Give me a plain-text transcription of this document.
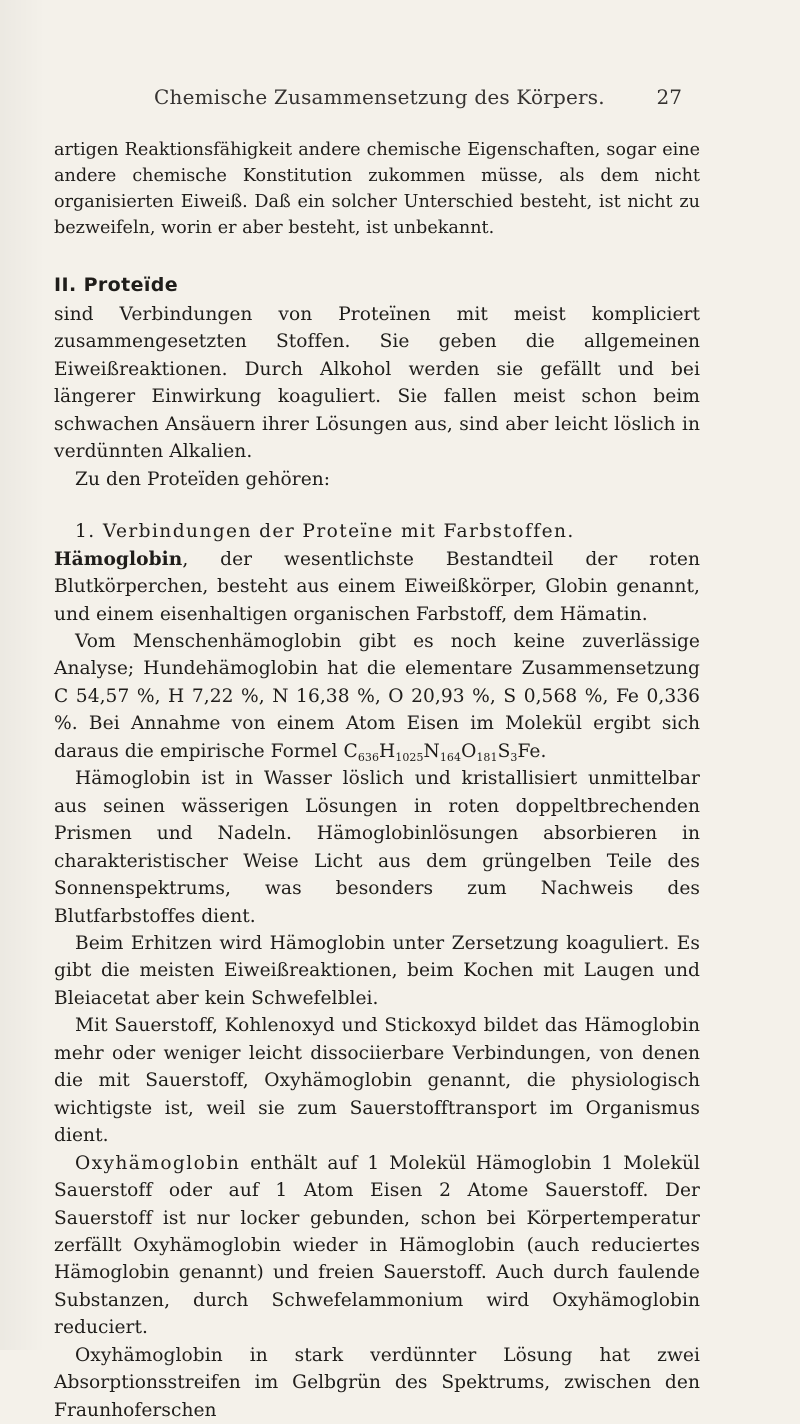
Chemische Zusammensetzung des Körpers.	27

artigen Reaktionsfähigkeit andere chemische Eigenschaften, sogar eine andere chemische Konstitution zukommen müsse, als dem nicht organisierten Eiweiß. Daß ein solcher Unterschied besteht, ist nicht zu bezweifeln, worin er aber besteht, ist unbekannt.

II. Proteïde

sind Verbindungen von Proteïnen mit meist kompliciert zusammengesetzten Stoffen. Sie geben die allgemeinen Eiweißreaktionen. Durch Alkohol werden sie gefällt und bei längerer Einwirkung koaguliert. Sie fallen meist schon beim schwachen Ansäuern ihrer Lösungen aus, sind aber leicht löslich in verdünnten Alkalien.

Zu den Proteïden gehören:

1. Verbindungen der Proteïne mit Farbstoffen.

Hämoglobin, der wesentlichste Bestandteil der roten Blutkörperchen, besteht aus einem Eiweißkörper, Globin genannt, und einem eisenhaltigen organischen Farbstoff, dem Hämatin.

Vom Menschenhämoglobin gibt es noch keine zuverlässige Analyse; Hundehämoglobin hat die elementare Zusammensetzung C 54,57 %, H 7,22 %, N 16,38 %, O 20,93 %, S 0,568 %, Fe 0,336 %. Bei Annahme von einem Atom Eisen im Molekül ergibt sich daraus die empirische Formel $C_{636}H_{1025}N_{164}O_{181}S_3Fe$.

Hämoglobin ist in Wasser löslich und kristallisiert unmittelbar aus seinen wässerigen Lösungen in roten doppeltbrechenden Prismen und Nadeln. Hämoglobinlösungen absorbieren in charakteristischer Weise Licht aus dem grüngelben Teile des Sonnenspektrums, was besonders zum Nachweis des Blutfarbstoffes dient.

Beim Erhitzen wird Hämoglobin unter Zersetzung koaguliert. Es gibt die meisten Eiweißreaktionen, beim Kochen mit Laugen und Bleiacetat aber kein Schwefelblei.

Mit Sauerstoff, Kohlenoxyd und Stickoxyd bildet das Hämoglobin mehr oder weniger leicht dissociierbare Verbindungen, von denen die mit Sauerstoff, Oxyhämoglobin genannt, die physiologisch wichtigste ist, weil sie zum Sauerstofftransport im Organismus dient.

Oxyhämoglobin enthält auf 1 Molekül Hämoglobin 1 Molekül Sauerstoff oder auf 1 Atom Eisen 2 Atome Sauerstoff. Der Sauerstoff ist nur locker gebunden, schon bei Körpertemperatur zerfällt Oxyhämoglobin wieder in Hämoglobin (auch reduciertes Hämoglobin genannt) und freien Sauerstoff. Auch durch faulende Substanzen, durch Schwefelammonium wird Oxyhämoglobin reduciert.

Oxyhämoglobin in stark verdünnter Lösung hat zwei Absorptionsstreifen im Gelbgrün des Spektrums, zwischen den Fraunhoferschen
